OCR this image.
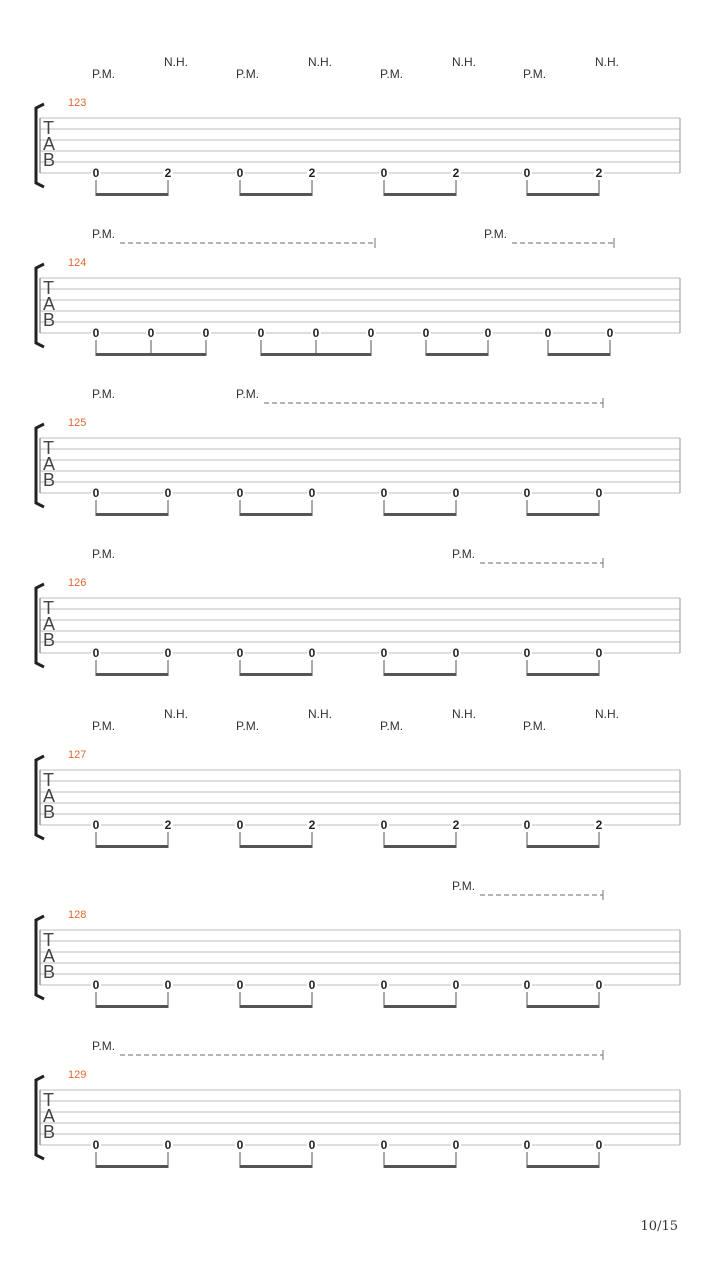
123
T
A
B
0	2	0	2	0	2	0	2
P.M.	P.M.	P.M.	P.M.
N.H.	N.H.	N.H.	N.H.
124
T
A
B
0	0	0	0	0	0	0	0	0	0
P.M.	P.M.
125
T
A
B
0	0	0	0	0	0	0	0
P.M.	P.M.
126
T
A
B
0	0	0	0	0	0	0	0
P.M.	P.M.
127
T
A
B
0	2	0	2	0	2	0	2
P.M.	P.M.	P.M.	P.M.
N.H.	N.H.	N.H.	N.H.
128
T
A
B
0	0	0	0	0	0	0	0
P.M.
129
T
A
B
0	0	0	0	0	0	0	0
P.M.
10/15
